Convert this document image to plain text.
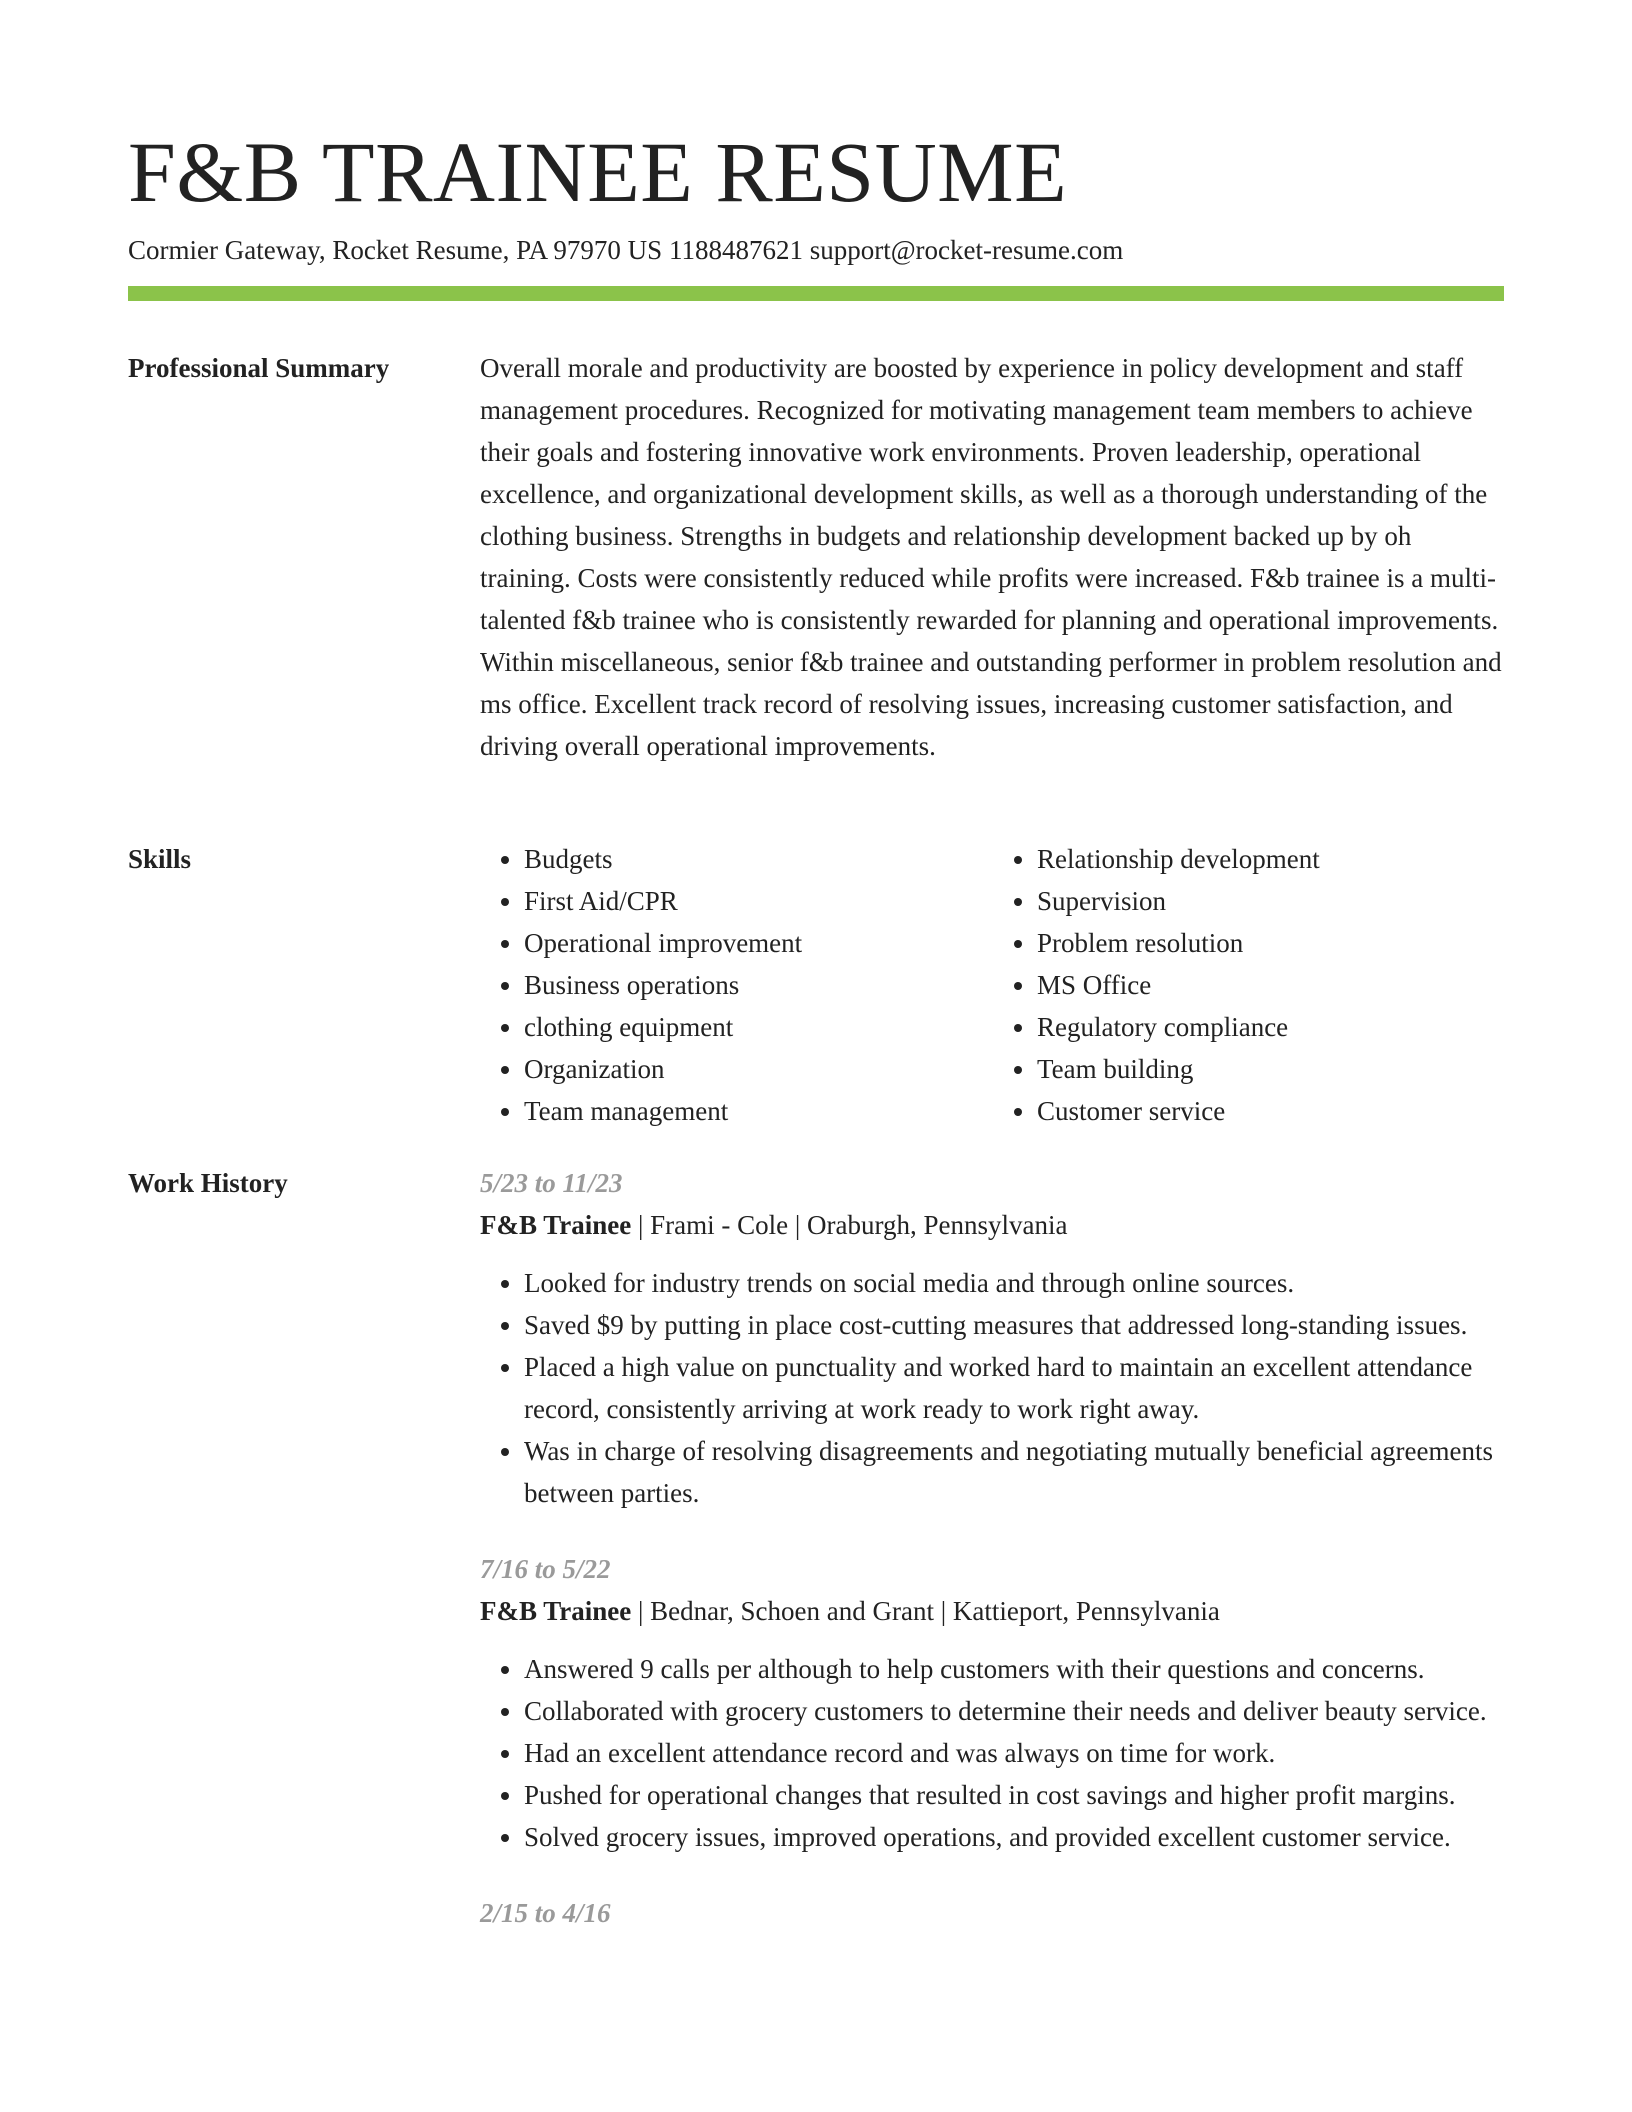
F&B TRAINEE RESUME
Cormier Gateway, Rocket Resume, PA 97970 US 1188487621 support@rocket-resume.com
Professional Summary	Overall morale and productivity are boosted by experience in policy development and staff management procedures. Recognized for motivating management team members to achieve their goals and fostering innovative work environments. Proven leadership, operational excellence, and organizational development skills, as well as a thorough understanding of the clothing business. Strengths in budgets and relationship development backed up by oh training. Costs were consistently reduced while profits were increased. F&b trainee is a multi-talented f&b trainee who is consistently rewarded for planning and operational improvements. Within miscellaneous, senior f&b trainee and outstanding performer in problem resolution and ms office. Excellent track record of resolving issues, increasing customer satisfaction, and driving overall operational improvements.

Skills
•	Budgets
• First Aid/CPR
• Operational improvement
• Business operations
• clothing equipment
• Organization
• Team management
• Relationship development
• Supervision
• Problem resolution
• MS Office
• Regulatory compliance
• Team building
• Customer service
Work History	5/23 to 11/23
F&B Trainee | Frami - Cole | Oraburgh, Pennsylvania
• Looked for industry trends on social media and through online sources.
• Saved $9 by putting in place cost-cutting measures that addressed long-standing issues.
• Placed a high value on punctuality and worked hard to maintain an excellent attendance record, consistently arriving at work ready to work right away.
• Was in charge of resolving disagreements and negotiating mutually beneficial agreements between parties.
7/16 to 5/22
F&B Trainee | Bednar, Schoen and Grant | Kattieport, Pennsylvania
• Answered 9 calls per although to help customers with their questions and concerns.
• Collaborated with grocery customers to determine their needs and deliver beauty service.
• Had an excellent attendance record and was always on time for work.
• Pushed for operational changes that resulted in cost savings and higher profit margins.
• Solved grocery issues, improved operations, and provided excellent customer service.
2/15 to 4/16
